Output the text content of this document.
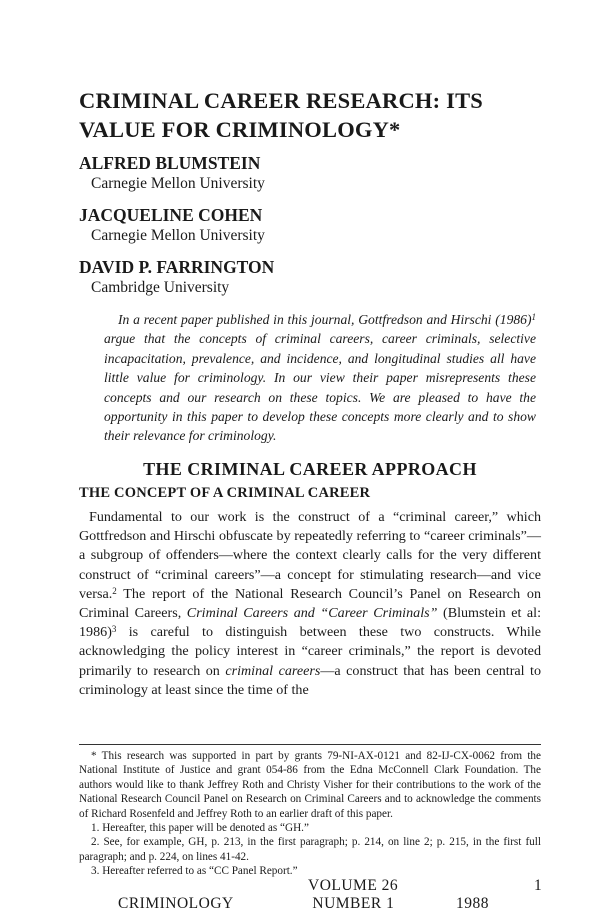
CRIMINAL CAREER RESEARCH: ITS VALUE FOR CRIMINOLOGY*
ALFRED BLUMSTEIN
Carnegie Mellon University
JACQUELINE COHEN
Carnegie Mellon University
DAVID P. FARRINGTON
Cambridge University

In a recent paper published in this journal, Gottfredson and Hirschi $(1986)^1$ argue that the concepts of criminal careers, career criminals, selective incapacitation, prevalence, and incidence, and longitudinal studies all have little value for criminology. In our view their paper misrepresents these concepts and our research on these topics. We are pleased to have the opportunity in this paper to develop these concepts more clearly and to show their relevance for criminology.

THE CRIMINAL CAREER APPROACH
THE CONCEPT OF A CRIMINAL CAREER

Fundamental to our work is the construct of a “criminal career,” which Gottfredson and Hirschi obfuscate by repeatedly referring to “career criminals”—a subgroup of offenders—where the context clearly calls for the very different construct of “criminal careers”—a concept for stimulating research—and vice versa.$^2$ The report of the National Research Council’s Panel on Research on Criminal Careers, Criminal Careers and “Career Criminals” (Blumstein et al: 1986)$^3$ is careful to distinguish between these two constructs. While acknowledging the policy interest in “career criminals,” the report is devoted primarily to research on criminal careers—a construct that has been central to criminology at least since the time of the

* This research was supported in part by grants 79-NI-AX-0121 and 82-IJ-CX-0062 from the National Institute of Justice and grant 054-86 from the Edna McConnell Clark Foundation. The authors would like to thank Jeffrey Roth and Christy Visher for their contributions to the work of the National Research Council Panel on Research on Criminal Careers and to acknowledge the comments of Richard Rosenfeld and Jeffrey Roth to an earlier draft of this paper.

1. Hereafter, this paper will be denoted as “GH.”

2. See, for example, GH, p. 213, in the first paragraph; p. 214, on line 2; p. 215, in the first full paragraph; and p. 224, on lines 41-42.

3. Hereafter referred to as “CC Panel Report.”

CRIMINOLOGYVOLUME 26  NUMBER 1	1988
1
